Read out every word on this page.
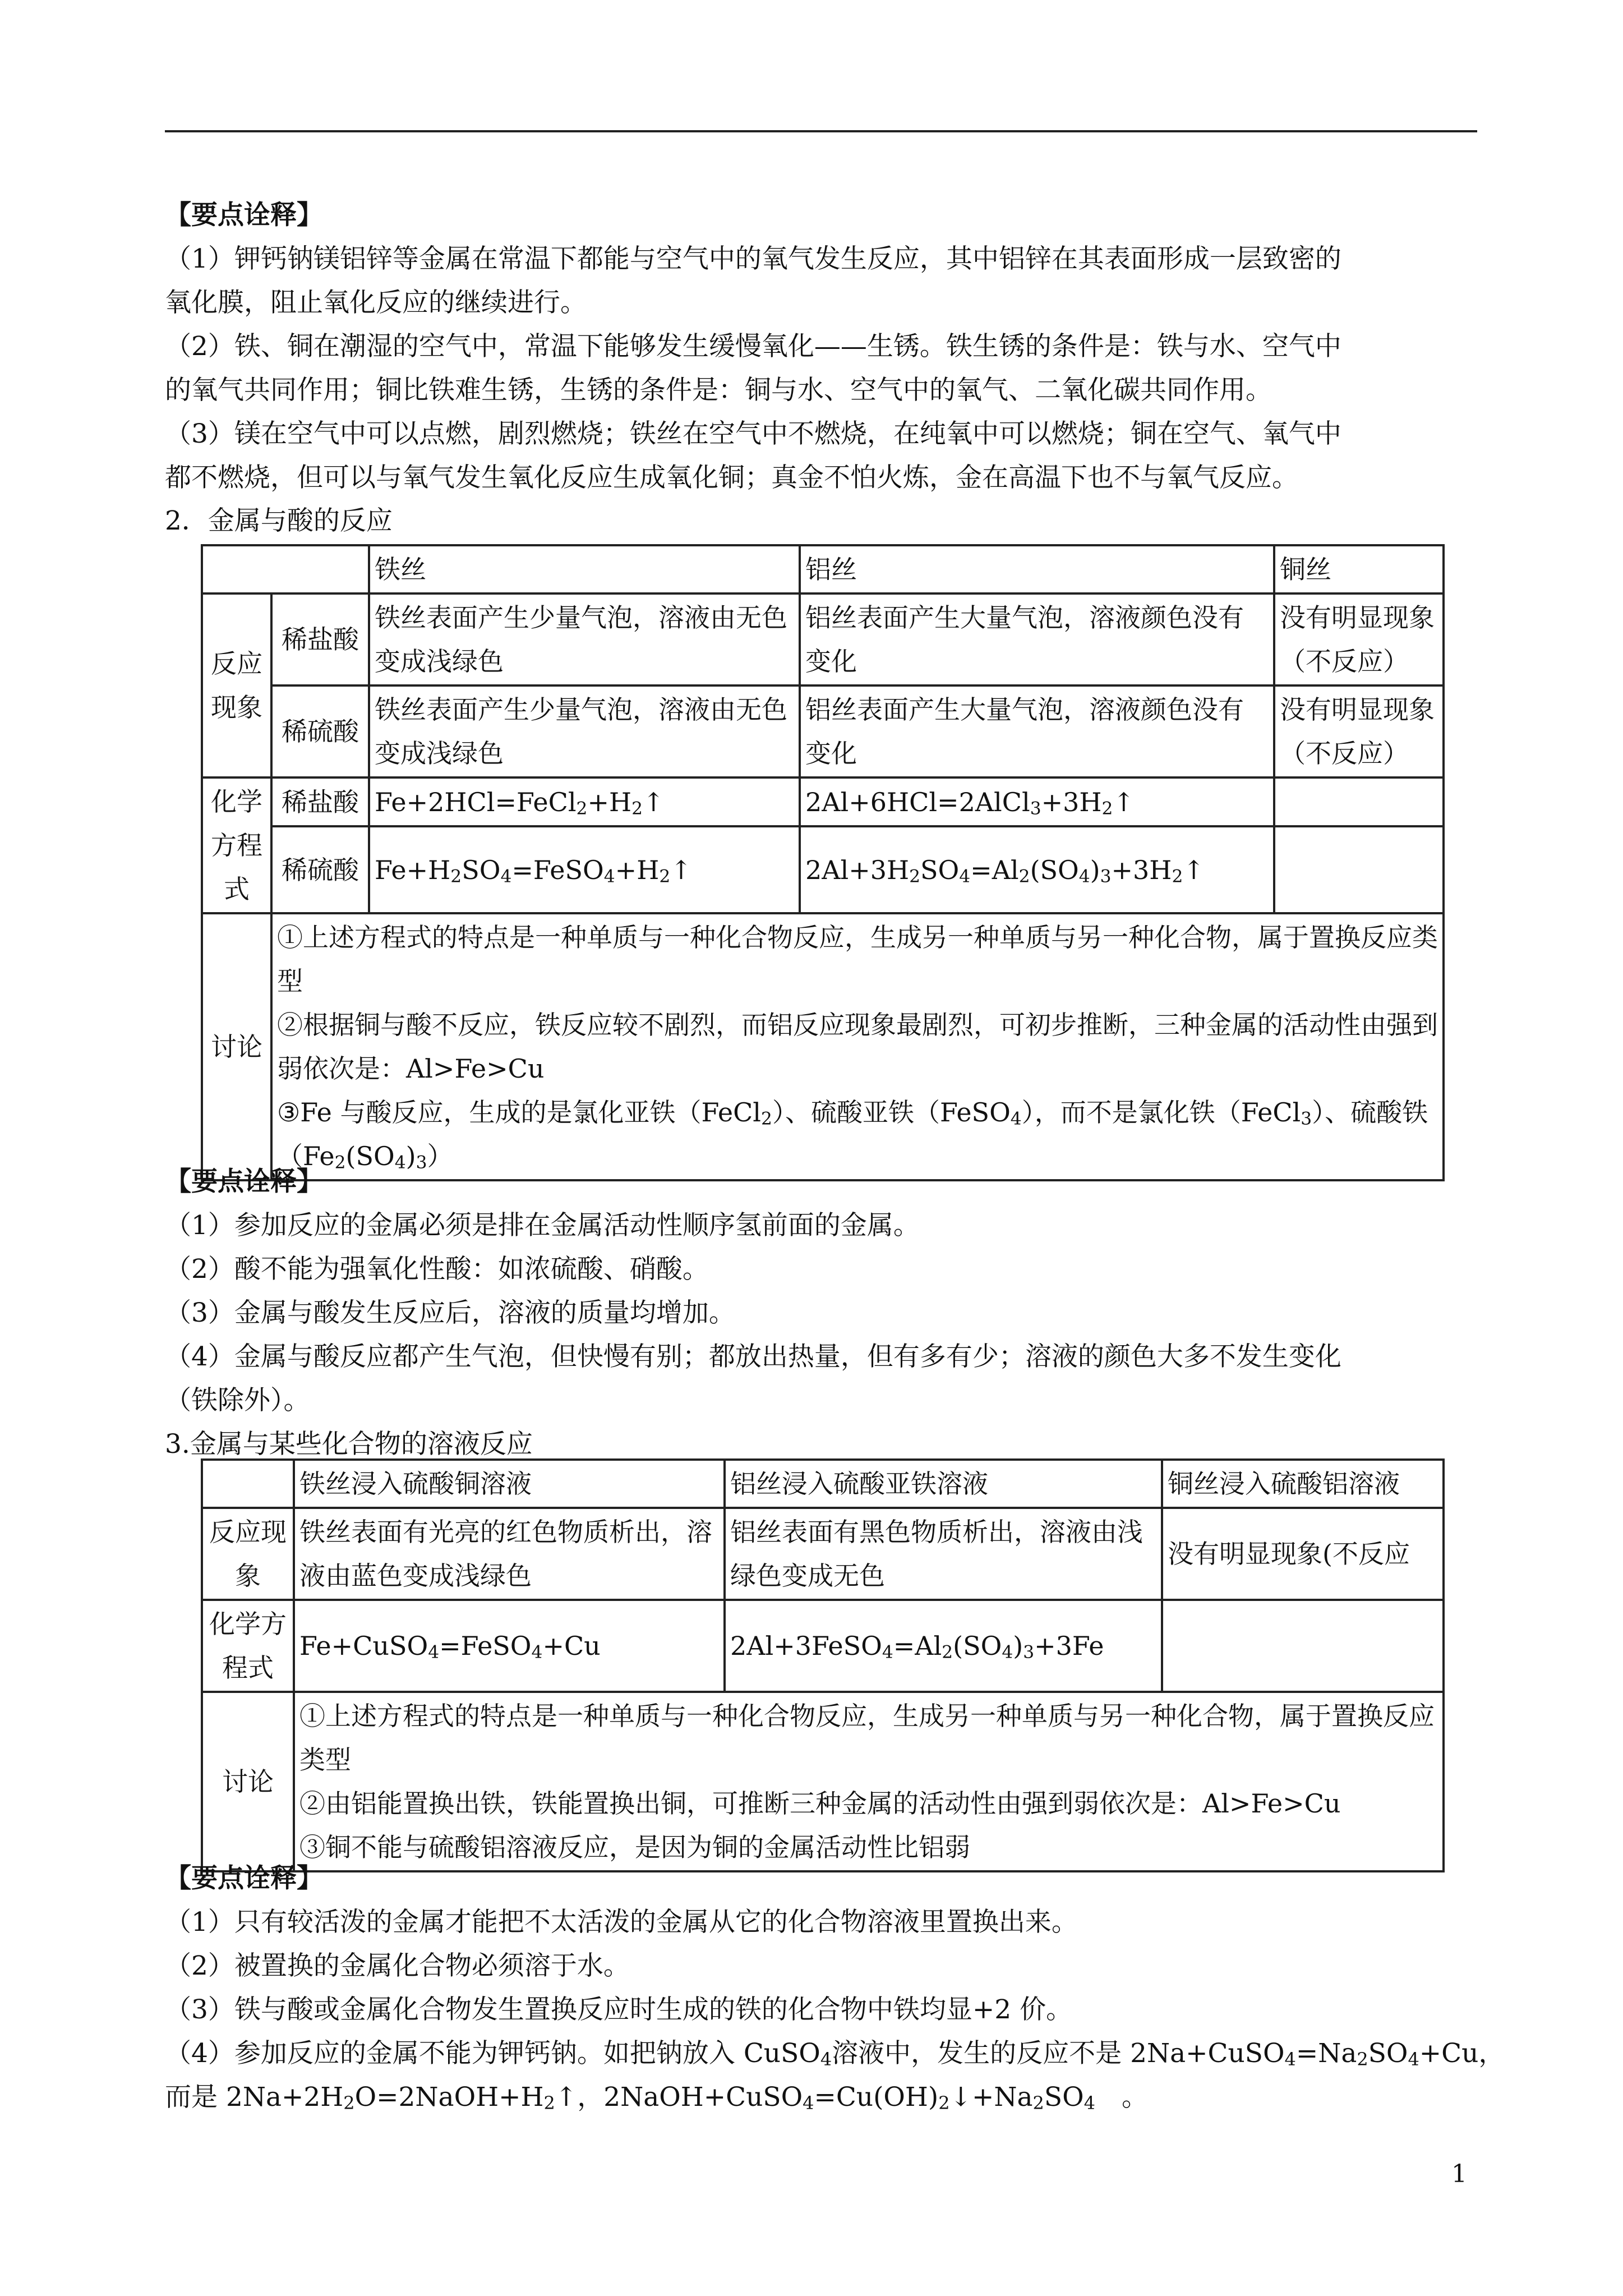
【要点诠释】
（1）钾钙钠镁铝锌等金属在常温下都能与空气中的氧气发生反应，其中铝锌在其表面形成一层致密的
氧化膜，阻止氧化反应的继续进行。
（2）铁、铜在潮湿的空气中，常温下能够发生缓慢氧化——生锈。铁生锈的条件是：铁与水、空气中
的氧气共同作用；铜比铁难生锈，生锈的条件是：铜与水、空气中的氧气、二氧化碳共同作用。
（3）镁在空气中可以点燃，剧烈燃烧；铁丝在空气中不燃烧，在纯氧中可以燃烧；铜在空气、氧气中
都不燃烧，但可以与氧气发生氧化反应生成氧化铜；真金不怕火炼，金在高温下也不与氧气反应。
2．金属与酸的反应
		铁丝	铝丝	铜丝
反应现象	稀盐酸	铁丝表面产生少量气泡，溶液由无色变成浅绿色	铝丝表面产生大量气泡，溶液颜色没有变化	没有明显现象（不反应）
	稀硫酸	铁丝表面产生少量气泡，溶液由无色变成浅绿色	铝丝表面产生大量气泡，溶液颜色没有变化	没有明显现象（不反应）
化学方程式	稀盐酸	Fe+2HCl=FeCl2+H2↑	2Al+6HCl=2AlCl3+3H2↑	
	稀硫酸	Fe+H2SO4=FeSO4+H2↑	2Al+3H2SO4=Al2(SO4)3+3H2↑	
讨论	①上述方程式的特点是一种单质与一种化合物反应，生成另一种单质与另一种化合物，属于置换反应类型
②根据铜与酸不反应，铁反应较不剧烈，而铝反应现象最剧烈，可初步推断，三种金属的活动性由强到弱依次是：Al>Fe>Cu
③Fe 与酸反应，生成的是氯化亚铁（FeCl2）、硫酸亚铁（FeSO4），而不是氯化铁（FeCl3）、硫酸铁（Fe2(SO4)3）			
【要点诠释】
（1）参加反应的金属必须是排在金属活动性顺序氢前面的金属。
（2）酸不能为强氧化性酸：如浓硫酸、硝酸。
（3）金属与酸发生反应后，溶液的质量均增加。
（4）金属与酸反应都产生气泡，但快慢有别；都放出热量，但有多有少；溶液的颜色大多不发生变化
（铁除外）。
3.金属与某些化合物的溶液反应
	铁丝浸入硫酸铜溶液	铝丝浸入硫酸亚铁溶液	铜丝浸入硫酸铝溶液
反应现象	铁丝表面有光亮的红色物质析出，溶液由蓝色变成浅绿色	铝丝表面有黑色物质析出，溶液由浅绿色变成无色	没有明显现象(不反应
化学方程式	Fe+CuSO4=FeSO4+Cu	2Al+3FeSO4=Al2(SO4)3+3Fe	
讨论	①上述方程式的特点是一种单质与一种化合物反应，生成另一种单质与另一种化合物，属于置换反应类型
②由铝能置换出铁，铁能置换出铜，可推断三种金属的活动性由强到弱依次是：Al>Fe>Cu
③铜不能与硫酸铝溶液反应，是因为铜的金属活动性比铝弱		
【要点诠释】
（1）只有较活泼的金属才能把不太活泼的金属从它的化合物溶液里置换出来。
（2）被置换的金属化合物必须溶于水。
（3）铁与酸或金属化合物发生置换反应时生成的铁的化合物中铁均显+2 价。
（4）参加反应的金属不能为钾钙钠。如把钠放入 CuSO4溶液中，发生的反应不是 2Na+CuSO4=Na2SO4+Cu，
而是 2Na+2H2O=2NaOH+H2↑，2NaOH+CuSO4=Cu(OH)2↓+Na2SO4　。
1
